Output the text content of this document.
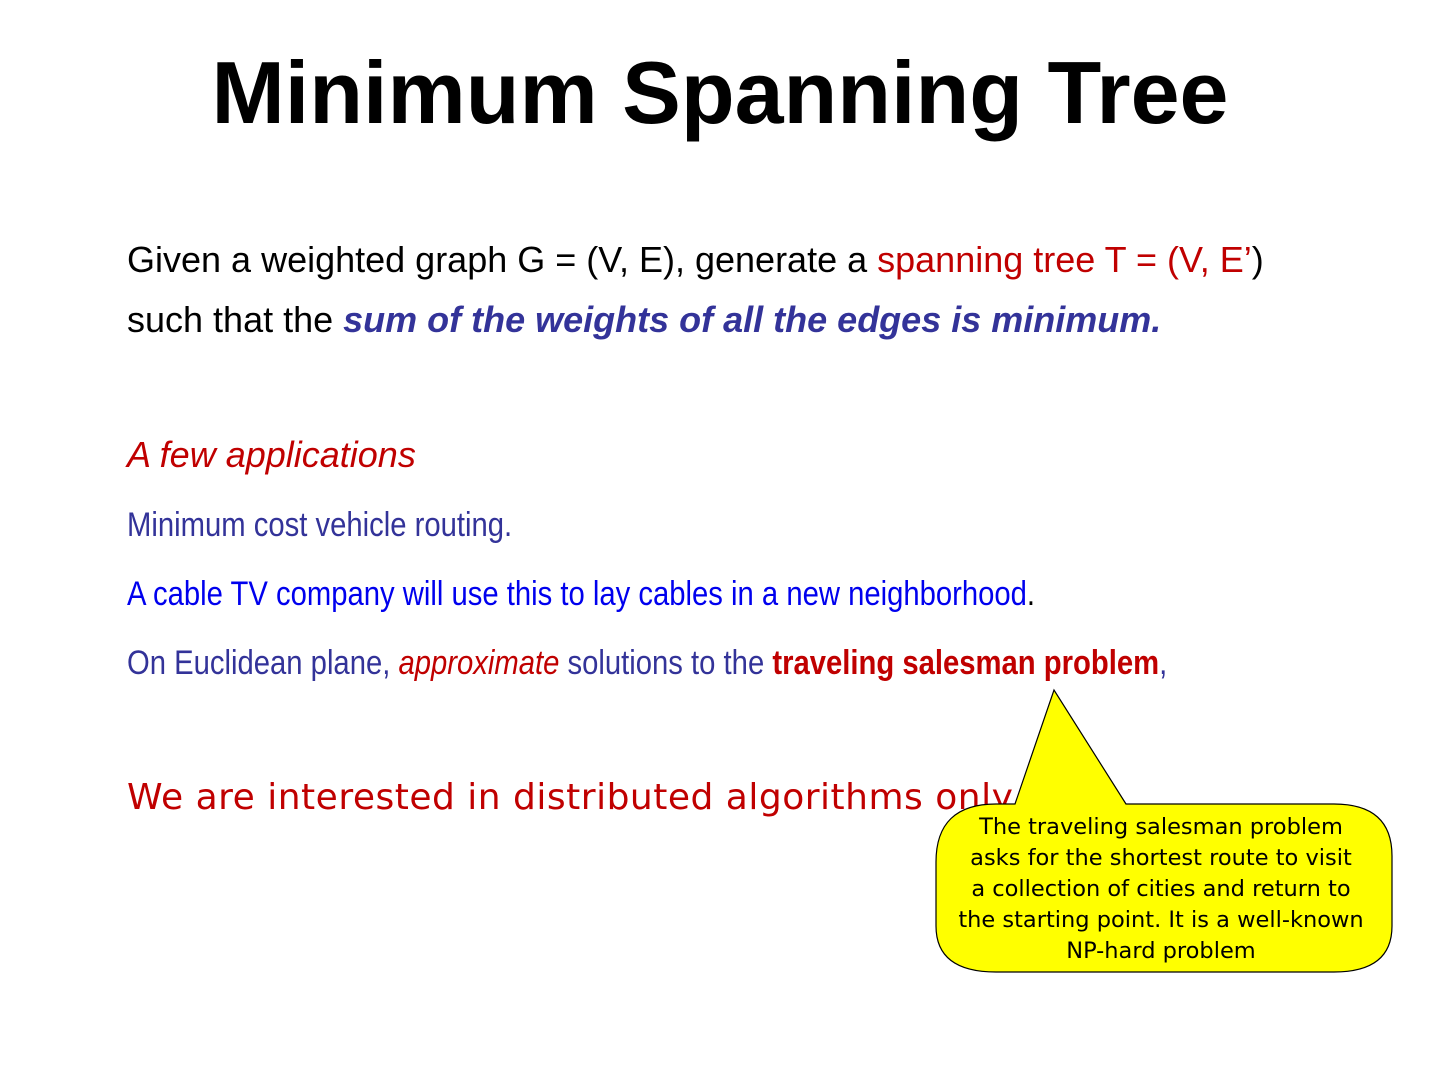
Minimum Spanning Tree

Given a weighted graph G = (V, E), generate a spanning tree T = (V, E’) such that the sum of the weights of all the edges is minimum.

A few applications

Minimum cost vehicle routing.

A cable TV company will use this to lay cables in a new neighborhood.

On Euclidean plane, approximate solutions to the traveling salesman problem,

We are interested in distributed algorithms only

The traveling salesman problem
asks for the shortest route to visit
a collection of cities and return to
the starting point. It is a well-known
NP-hard problem
